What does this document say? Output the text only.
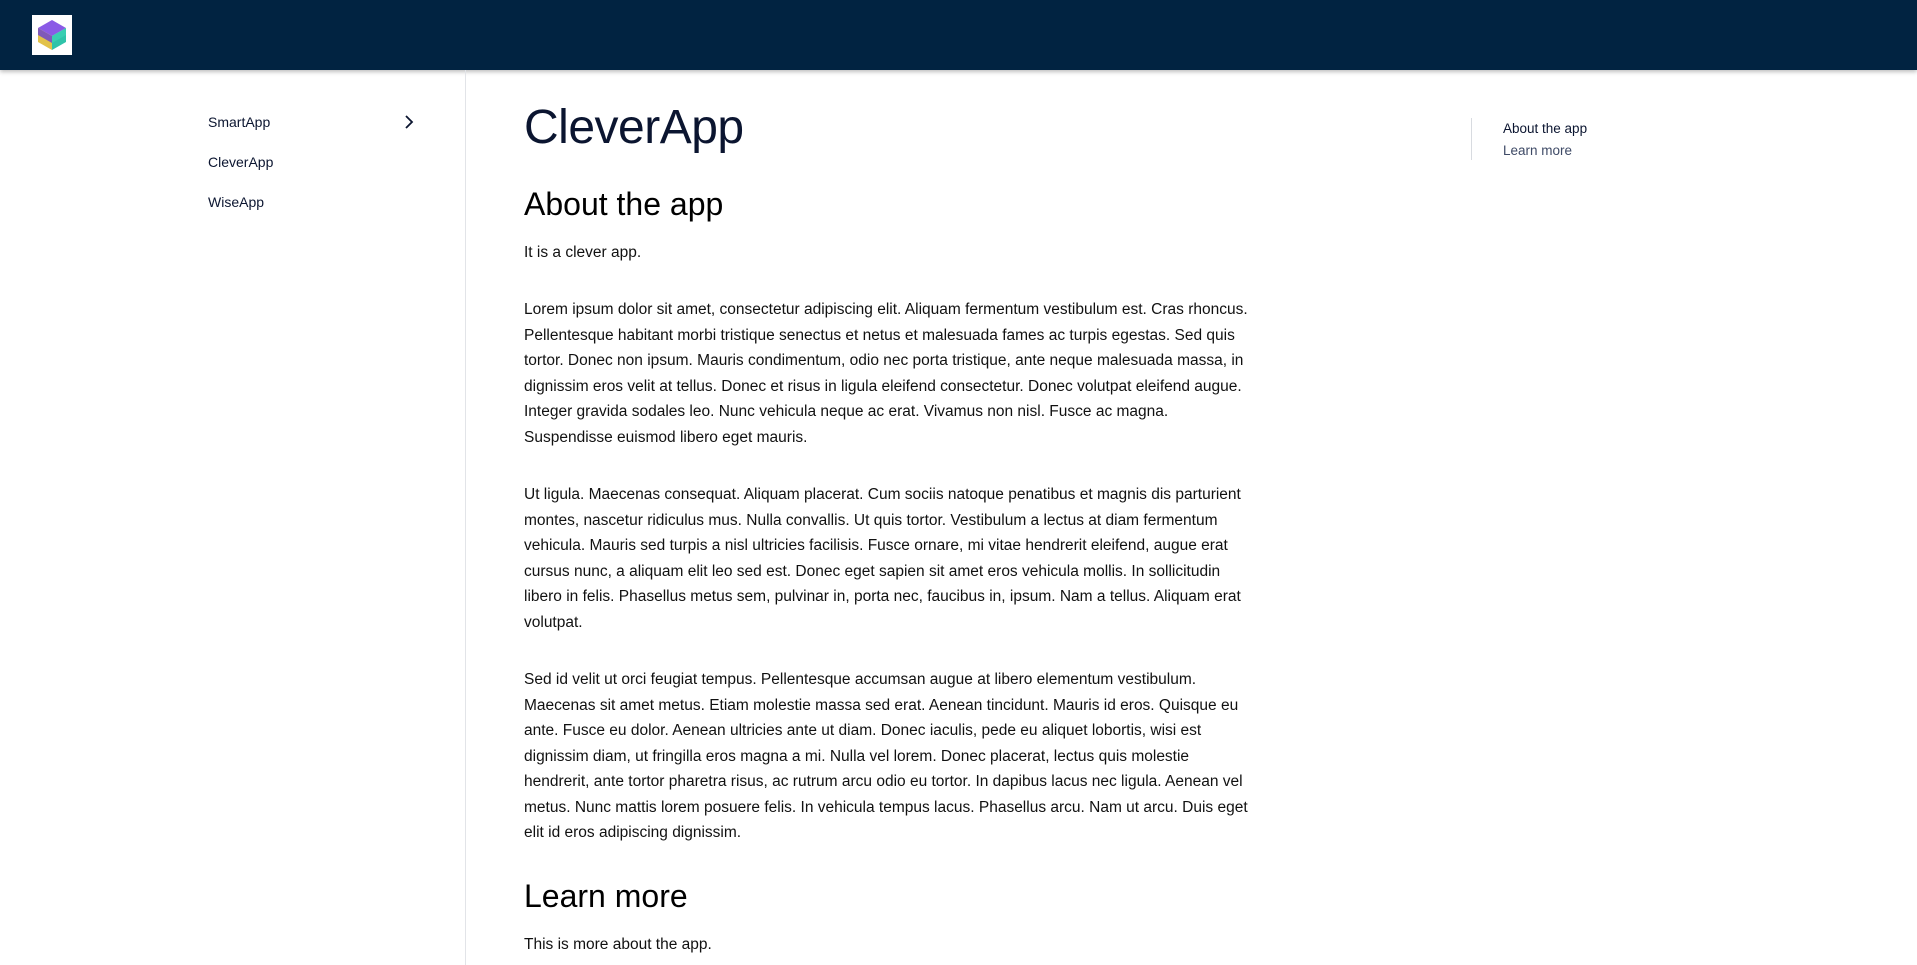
SmartApp
CleverApp
WiseApp
CleverApp
About the app

It is a clever app.

Lorem ipsum dolor sit amet, consectetur adipiscing elit. Aliquam fermentum vestibulum est. Cras rhoncus. Pellentesque habitant morbi tristique senectus et netus et malesuada fames ac turpis egestas. Sed quis tortor. Donec non ipsum. Mauris condimentum, odio nec porta tristique, ante neque malesuada massa, in dignissim eros velit at tellus. Donec et risus in ligula eleifend consectetur. Donec volutpat eleifend augue. Integer gravida sodales leo. Nunc vehicula neque ac erat. Vivamus non nisl. Fusce ac magna. Suspendisse euismod libero eget mauris.

Ut ligula. Maecenas consequat. Aliquam placerat. Cum sociis natoque penatibus et magnis dis parturient montes, nascetur ridiculus mus. Nulla convallis. Ut quis tortor. Vestibulum a lectus at diam fermentum vehicula. Mauris sed turpis a nisl ultricies facilisis. Fusce ornare, mi vitae hendrerit eleifend, augue erat cursus nunc, a aliquam elit leo sed est. Donec eget sapien sit amet eros vehicula mollis. In sollicitudin libero in felis. Phasellus metus sem, pulvinar in, porta nec, faucibus in, ipsum. Nam a tellus. Aliquam erat volutpat.

Sed id velit ut orci feugiat tempus. Pellentesque accumsan augue at libero elementum vestibulum. Maecenas sit amet metus. Etiam molestie massa sed erat. Aenean tincidunt. Mauris id eros. Quisque eu ante. Fusce eu dolor. Aenean ultricies ante ut diam. Donec iaculis, pede eu aliquet lobortis, wisi est dignissim diam, ut fringilla eros magna a mi. Nulla vel lorem. Donec placerat, lectus quis molestie hendrerit, ante tortor pharetra risus, ac rutrum arcu odio eu tortor. In dapibus lacus nec ligula. Aenean vel metus. Nunc mattis lorem posuere felis. In vehicula tempus lacus. Phasellus arcu. Nam ut arcu. Duis eget elit id eros adipiscing dignissim.

Learn more

This is more about the app.

About the app
Learn more
